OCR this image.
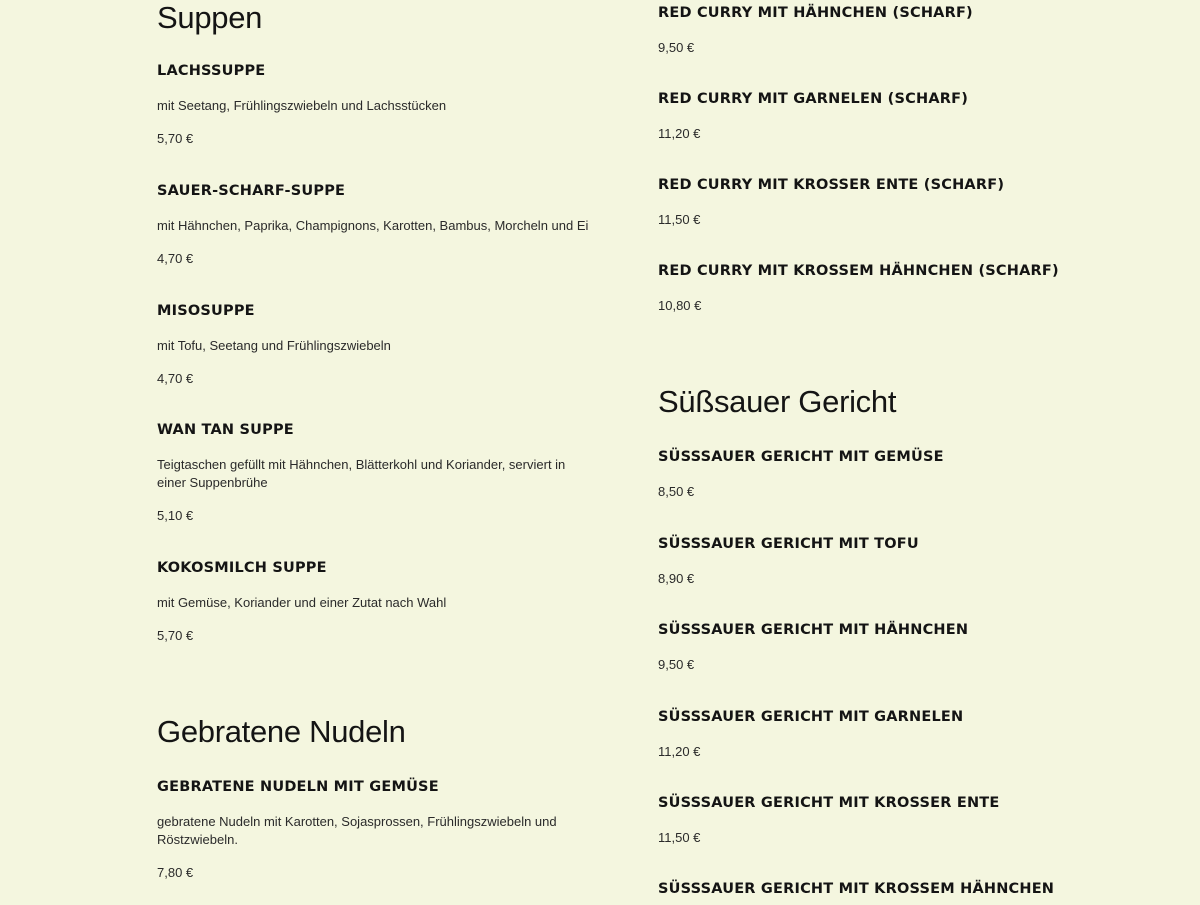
Suppen
LACHSSUPPE
mit Seetang, Frühlingszwiebeln und Lachsstücken
5,70 €
SAUER-SCHARF-SUPPE
mit Hähnchen, Paprika, Champignons, Karotten, Bambus, Morcheln und Ei
4,70 €
MISOSUPPE
mit Tofu, Seetang und Frühlingszwiebeln
4,70 €
WAN TAN SUPPE
Teigtaschen gefüllt mit Hähnchen, Blätterkohl und Koriander, serviert in einer Suppenbrühe
5,10 €
KOKOSMILCH SUPPE
mit Gemüse, Koriander und einer Zutat nach Wahl
5,70 €
Gebratene Nudeln
GEBRATENE NUDELN MIT GEMÜSE
gebratene Nudeln mit Karotten, Sojasprossen, Frühlingszwiebeln und Röstzwiebeln.
7,80 €
RED CURRY MIT HÄHNCHEN (SCHARF)
9,50 €
RED CURRY MIT GARNELEN (SCHARF)
11,20 €
RED CURRY MIT KROSSER ENTE (SCHARF)
11,50 €
RED CURRY MIT KROSSEM HÄHNCHEN (SCHARF)
10,80 €
Süßsauer Gericht
SÜSSSAUER GERICHT MIT GEMÜSE
8,50 €
SÜSSSAUER GERICHT MIT TOFU
8,90 €
SÜSSSAUER GERICHT MIT HÄHNCHEN
9,50 €
SÜSSSAUER GERICHT MIT GARNELEN
11,20 €
SÜSSSAUER GERICHT MIT KROSSER ENTE
11,50 €
SÜSSSAUER GERICHT MIT KROSSEM HÄHNCHEN
